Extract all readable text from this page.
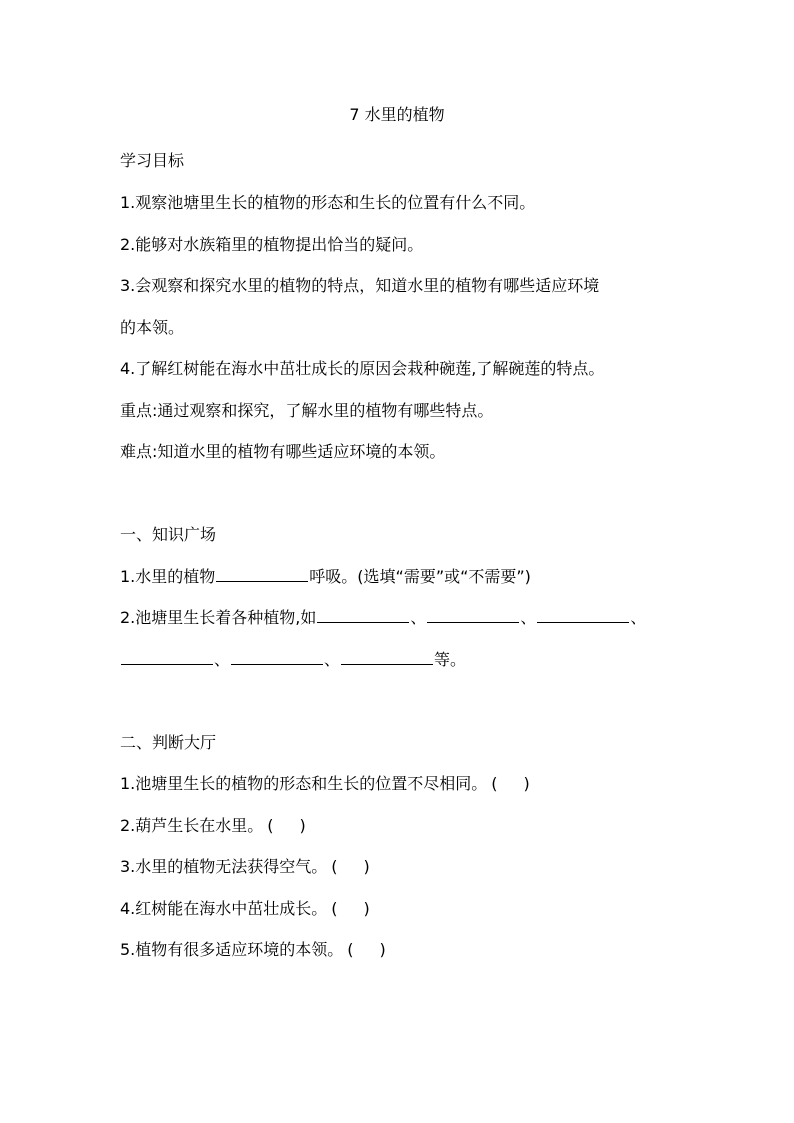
7 水里的植物
学习目标
1.观察池塘里生长的植物的形态和生长的位置有什么不同。
2.能够对水族箱里的植物提出恰当的疑问。
3.会观察和探究水里的植物的特点，知道水里的植物有哪些适应环境
的本领。
4.了解红树能在海水中茁壮成长的原因会栽种碗莲,了解碗莲的特点。
重点:通过观察和探究，了解水里的植物有哪些特点。
难点:知道水里的植物有哪些适应环境的本领。
一、知识广场
1.水里的植物	呼吸。(选填“需要”或“不需要”)
2.池塘里生长着各种植物,如	、	、	、
、	、	等。
二、判断大厅
1.池塘里生长的植物的形态和生长的位置不尽相同。 ( )
2.葫芦生长在水里。 ( )
3.水里的植物无法获得空气。 ( )
4.红树能在海水中茁壮成长。 ( )
5.植物有很多适应环境的本领。 ( )
